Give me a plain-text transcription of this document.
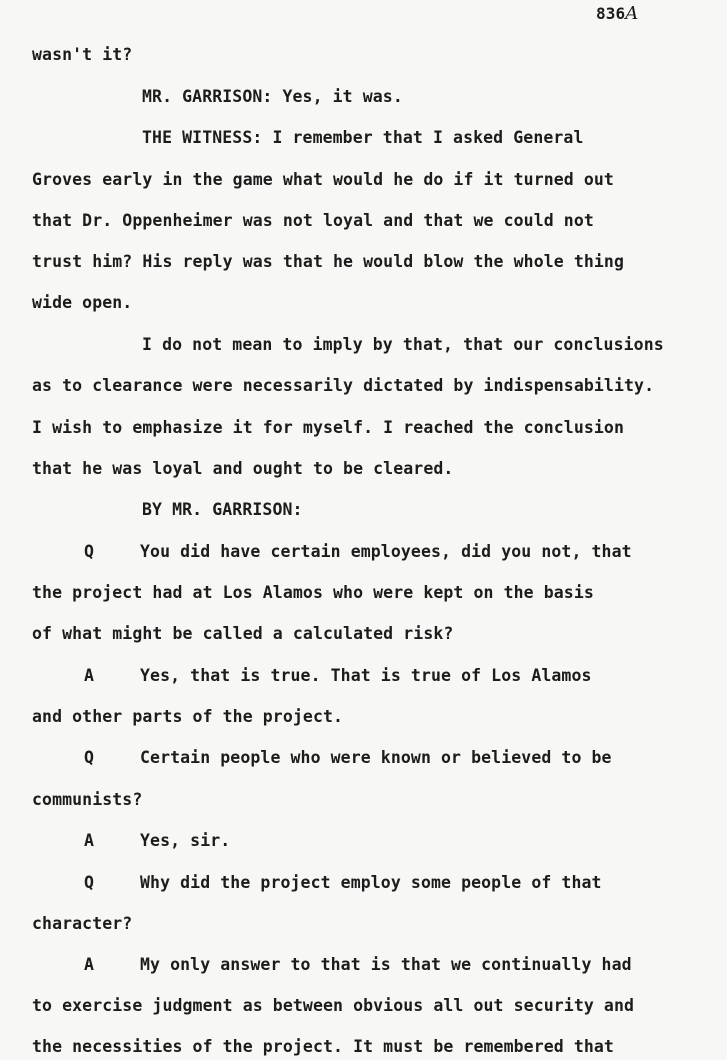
836A
wasn't it?
MR. GARRISON: Yes, it was.
THE WITNESS: I remember that I asked General
Groves early in the game what would he do if it turned out
that Dr. Oppenheimer was not loyal and that we could not
trust him? His reply was that he would blow the whole thing
wide open.
I do not mean to imply by that, that our conclusions
as to clearance were necessarily dictated by indispensability.
I wish to emphasize it for myself. I reached the conclusion
that he was loyal and ought to be cleared.
BY MR. GARRISON:
Q	You did have certain employees, did you not, that
the project had at Los Alamos who were kept on the basis
of what might be called a calculated risk?
A	Yes, that is true. That is true of Los Alamos
and other parts of the project.
Q	Certain people who were known or believed to be
communists?
A	Yes, sir.
Q	Why did the project employ some people of that
character?
A	My only answer to that is that we continually had
to exercise judgment as between obvious all out security and
the necessities of the project. It must be remembered that
